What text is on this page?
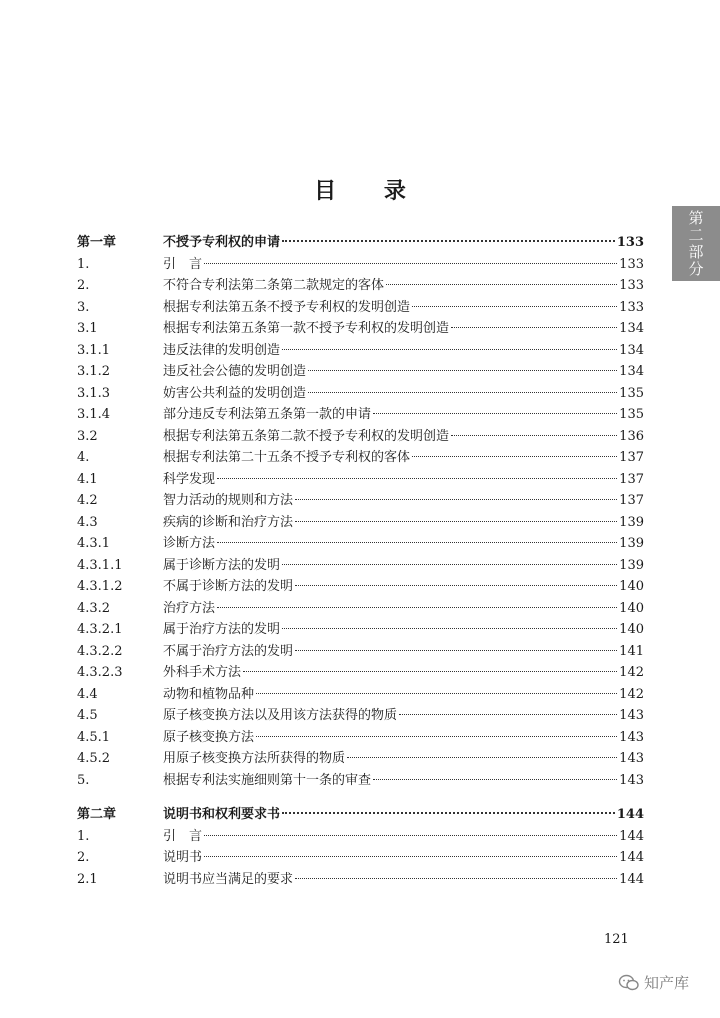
目 录
第二部分
第一章	不授予专利权的申请	133
1.	引　言	133
2.	不符合专利法第二条第二款规定的客体	133
3.	根据专利法第五条不授予专利权的发明创造	133
3.1	根据专利法第五条第一款不授予专利权的发明创造	134
3.1.1	违反法律的发明创造	134
3.1.2	违反社会公德的发明创造	134
3.1.3	妨害公共利益的发明创造	135
3.1.4	部分违反专利法第五条第一款的申请	135
3.2	根据专利法第五条第二款不授予专利权的发明创造	136
4.	根据专利法第二十五条不授予专利权的客体	137
4.1	科学发现	137
4.2	智力活动的规则和方法	137
4.3	疾病的诊断和治疗方法	139
4.3.1	诊断方法	139
4.3.1.1	属于诊断方法的发明	139
4.3.1.2	不属于诊断方法的发明	140
4.3.2	治疗方法	140
4.3.2.1	属于治疗方法的发明	140
4.3.2.2	不属于治疗方法的发明	141
4.3.2.3	外科手术方法	142
4.4	动物和植物品种	142
4.5	原子核变换方法以及用该方法获得的物质	143
4.5.1	原子核变换方法	143
4.5.2	用原子核变换方法所获得的物质	143
5.	根据专利法实施细则第十一条的审查	143
第二章	说明书和权利要求书	144
1.	引　言	144
2.	说明书	144
2.1	说明书应当满足的要求	144
121
知产库
